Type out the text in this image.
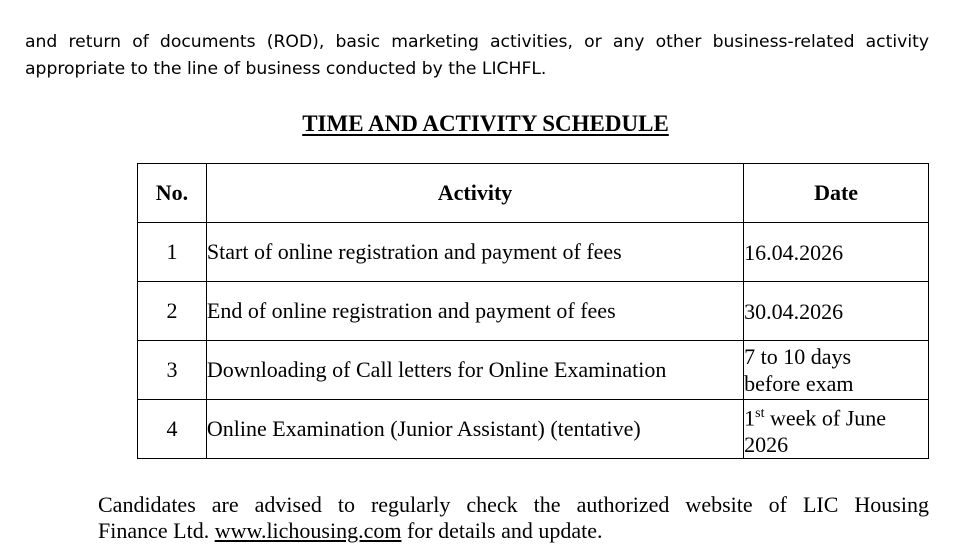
and return of documents (ROD), basic marketing activities, or any other business-related activity
appropriate to the line of business conducted by the LICHFL.
TIME AND ACTIVITY SCHEDULE
No.	Activity	Date
1	Start of online registration and payment of fees	16.04.2026
2	End of online registration and payment of fees	30.04.2026
3	Downloading of Call letters for Online Examination	7 to 10 days
before exam
4	Online Examination (Junior Assistant) (tentative)	1st week of June
2026
Candidates are advised to regularly check the authorized website of LIC Housing
Finance Ltd. www.lichousing.com for details and update.
